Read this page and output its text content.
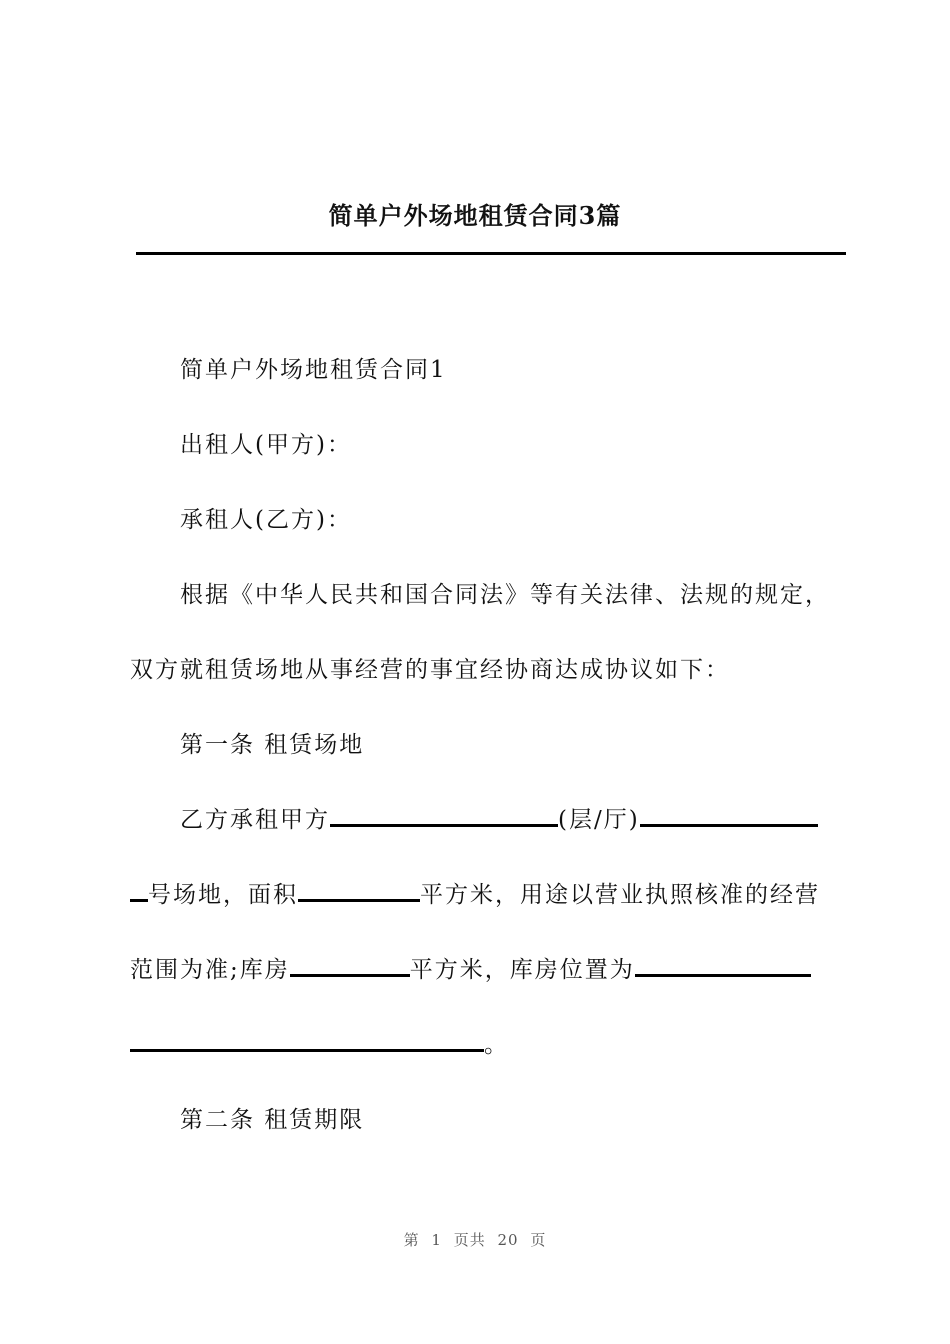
简单户外场地租赁合同3篇
简单户外场地租赁合同1
出租人(甲方)：
承租人(乙方)：
根据《中华人民共和国合同法》等有关法律、法规的规定，
双方就租赁场地从事经营的事宜经协商达成协议如下：
第一条 租赁场地
乙方承租甲方	(层/厅)
号场地，面积	平方米，用途以营业执照核准的经营
范围为准;库房	平方米，库房位置为
。
第二条 租赁期限
第 1 页共 20 页
